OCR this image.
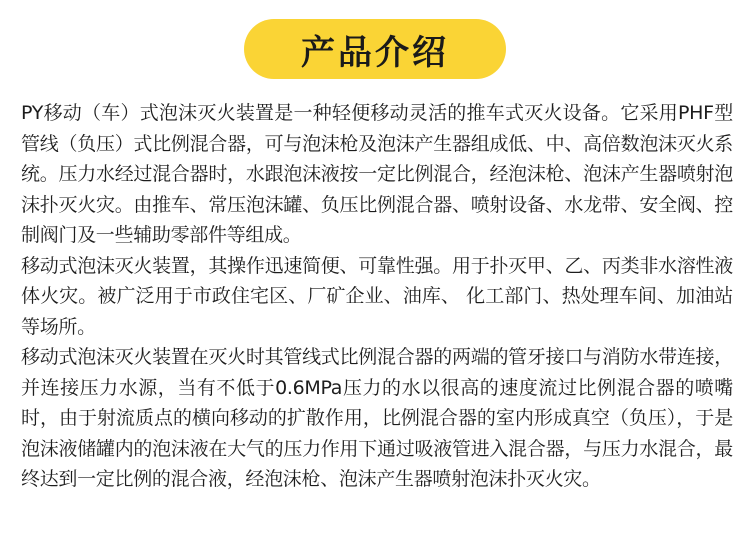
产品介绍

PY移动（车）式泡沫灭火装置是一种轻便移动灵活的推车式灭火设备。它采用PHF型管线（负压）式比例混合器，可与泡沫枪及泡沫产生器组成低、中、高倍数泡沫灭火系统。压力水经过混合器时，水跟泡沫液按一定比例混合，经泡沫枪、泡沫产生器喷射泡沫扑灭火灾。由推车、常压泡沫罐、负压比例混合器、喷射设备、水龙带、安全阀、控制阀门及一些辅助零部件等组成。

移动式泡沫灭火装置，其操作迅速简便、可靠性强。用于扑灭甲、乙、丙类非水溶性液体火灾。被广泛用于市政住宅区、厂矿企业、油库、 化工部门、热处理车间、加油站等场所。

移动式泡沫灭火装置在灭火时其管线式比例混合器的两端的管牙接口与消防水带连接，并连接压力水源，当有不低于0.6MPa压力的水以很高的速度流过比例混合器的喷嘴时，由于射流质点的横向移动的扩散作用，比例混合器的室内形成真空（负压），于是泡沫液储罐内的泡沫液在大气的压力作用下通过吸液管进入混合器，与压力水混合，最终达到一定比例的混合液，经泡沫枪、泡沫产生器喷射泡沫扑灭火灾。
